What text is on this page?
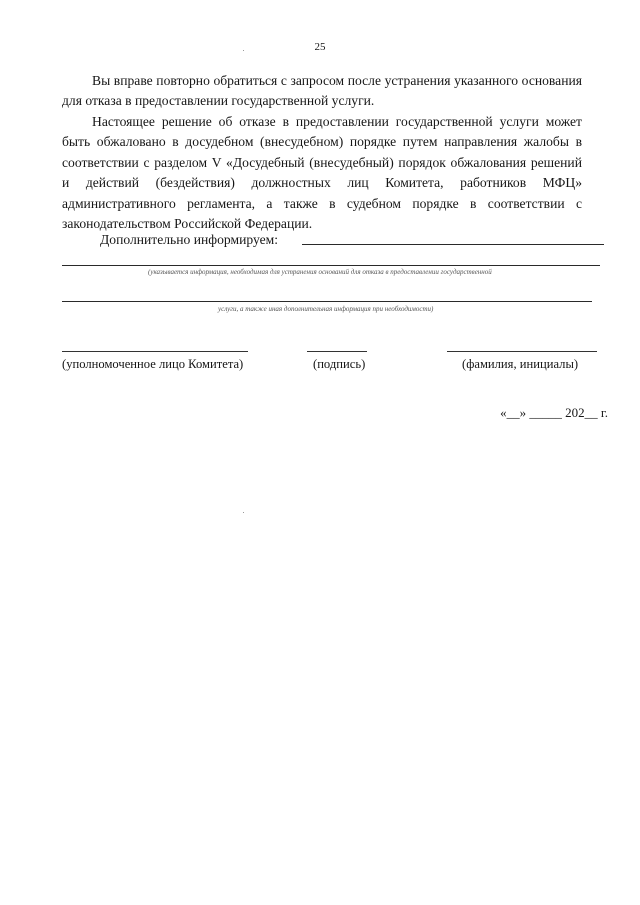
25

Вы вправе повторно обратиться с запросом после устранения указанного основания для отказа в предоставлении государственной услуги.

Настоящее решение об отказе в предоставлении государственной услуги может быть обжаловано в досудебном (внесудебном) порядке путем направления жалобы в соответствии с разделом V «Досудебный (внесудебный) порядок обжалования решений и действий (бездействия) должностных лиц Комитета, работников МФЦ» административного регламента, а также в судебном порядке в соответствии с законодательством Российской Федерации.

Дополнительно информируем:
(указывается информация, необходимая для устранения оснований для отказа в предоставлении государственной
услуги, а также иная дополнительная информация при необходимости)
(уполномоченное лицо Комитета)	(подпись)	(фамилия, инициалы)
«__» _____ 202__ г.
